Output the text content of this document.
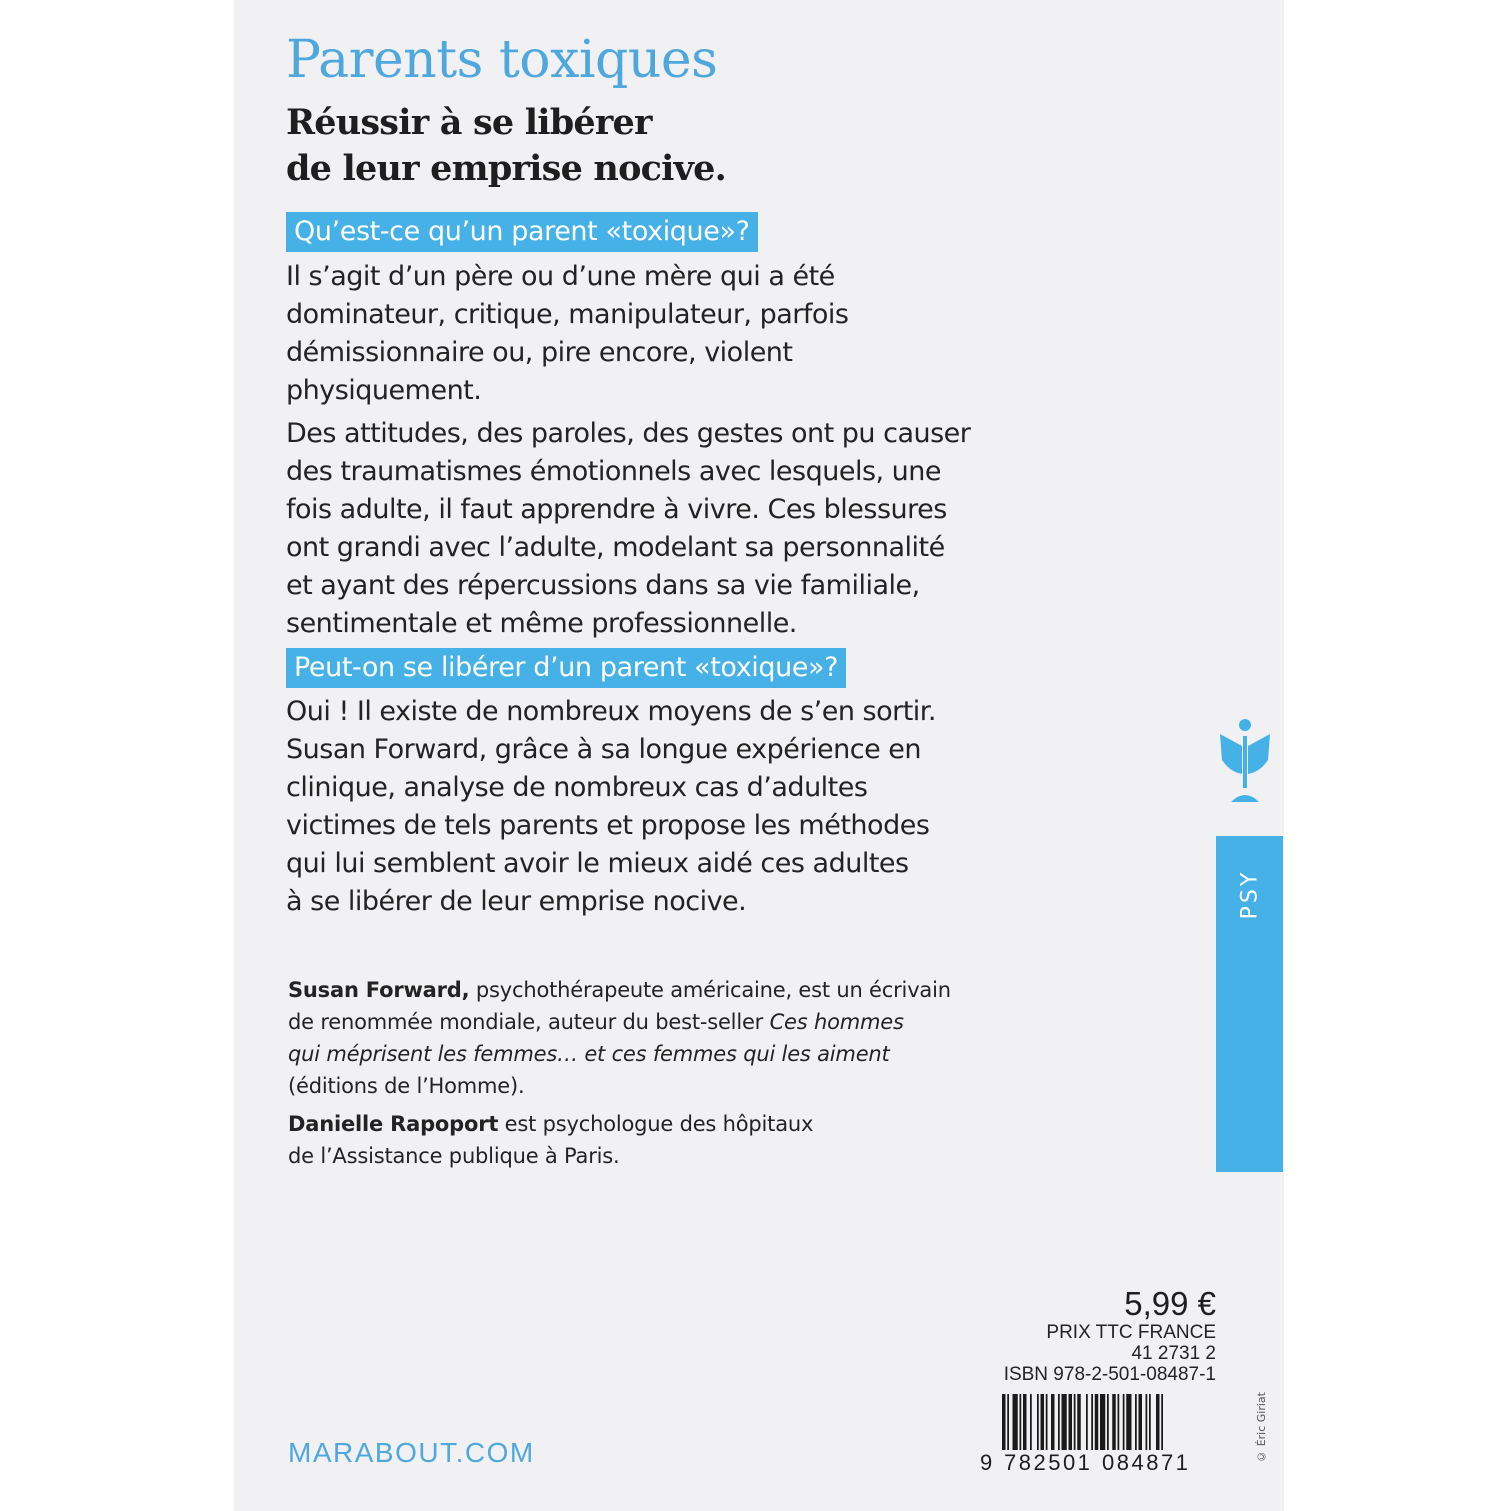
Parents toxiques
Réussir à se libérer
de leur emprise nocive.
Qu’est-ce qu’un parent «toxique»?

Il s’agit d’un père ou d’une mère qui a été
dominateur, critique, manipulateur, parfois
démissionnaire ou, pire encore, violent
physiquement.

Des attitudes, des paroles, des gestes ont pu causer
des traumatismes émotionnels avec lesquels, une
fois adulte, il faut apprendre à vivre. Ces blessures
ont grandi avec l’adulte, modelant sa personnalité
et ayant des répercussions dans sa vie familiale,
sentimentale et même professionnelle.

Peut-on se libérer d’un parent «toxique»?

Oui ! Il existe de nombreux moyens de s’en sortir.
Susan Forward, grâce à sa longue expérience en
clinique, analyse de nombreux cas d’adultes
victimes de tels parents et propose les méthodes
qui lui semblent avoir le mieux aidé ces adultes
à se libérer de leur emprise nocive.

Susan Forward, psychothérapeute américaine, est un écrivain
de renommée mondiale, auteur du best-seller Ces hommes
qui méprisent les femmes… et ces femmes qui les aiment
(éditions de l’Homme).

Danielle Rapoport est psychologue des hôpitaux
de l’Assistance publique à Paris.

PSY
5,99 €
PRIX TTC FRANCE
41 2731 2
ISBN 978-2-501-08487-1
9 782501 084871	© Éric Giriat
MARABOUT.COM
